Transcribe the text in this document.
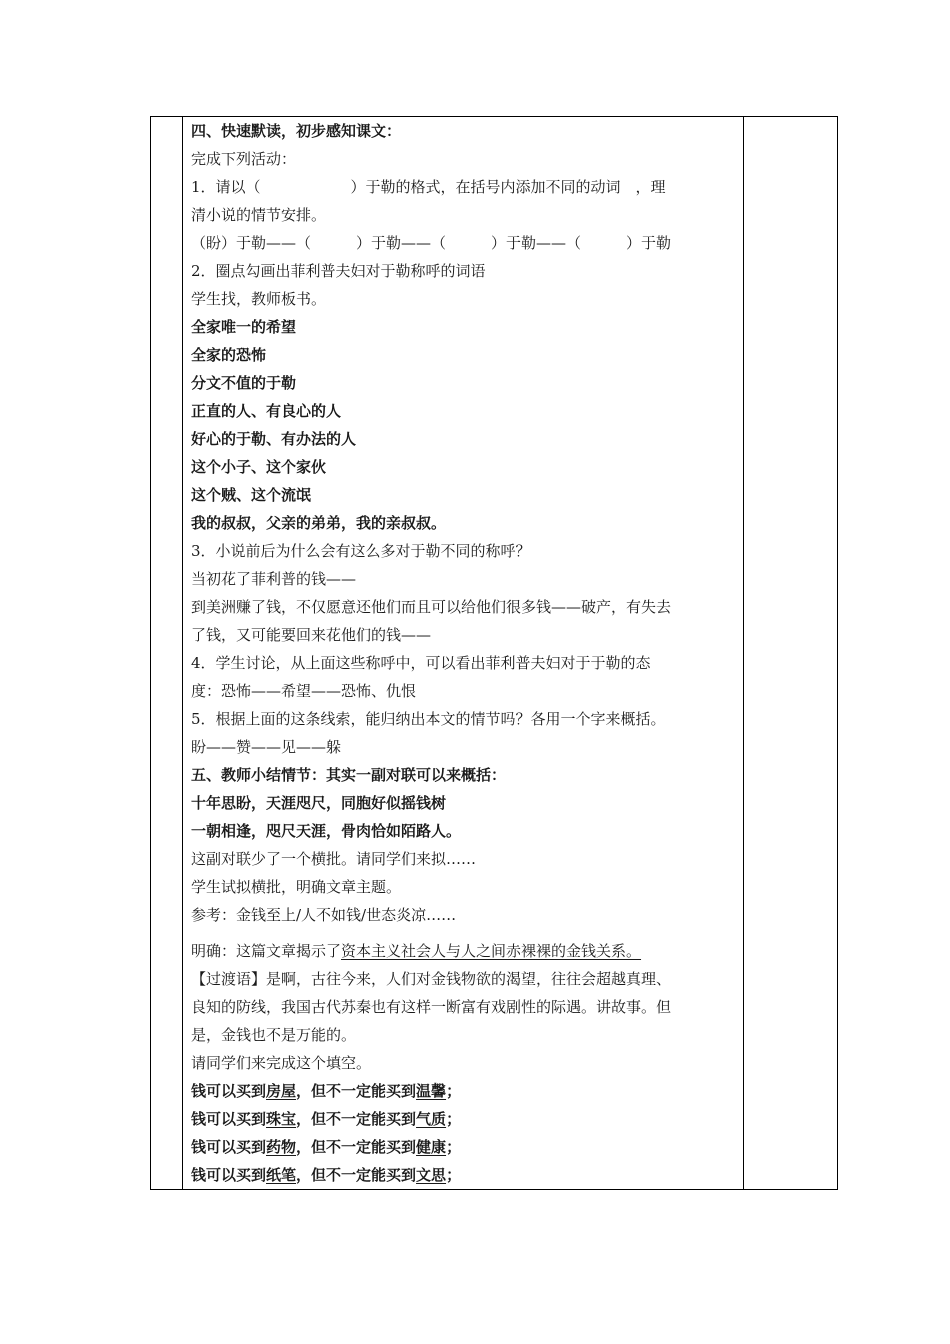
四、快速默读，初步感知课文：
完成下列活动：
1．请以（　　　　　　）于勒的格式，在括号内添加不同的动词　，理
清小说的情节安排。
（盼）于勒——（　　　）于勒——（　　　）于勒——（　　　）于勒
2．圈点勾画出菲利普夫妇对于勒称呼的词语
学生找，教师板书。
全家唯一的希望
全家的恐怖
分文不值的于勒
正直的人、有良心的人
好心的于勒、有办法的人
这个小子、这个家伙
这个贼、这个流氓
我的叔叔，父亲的弟弟，我的亲叔叔。
3．小说前后为什么会有这么多对于勒不同的称呼？
当初花了菲利普的钱——
到美洲赚了钱，不仅愿意还他们而且可以给他们很多钱——破产，有失去
了钱，又可能要回来花他们的钱——
4．学生讨论，从上面这些称呼中，可以看出菲利普夫妇对于于勒的态
度：恐怖——希望——恐怖、仇恨
5．根据上面的这条线索，能归纳出本文的情节吗？各用一个字来概括。
盼——赞——见——躲
五、教师小结情节：其实一副对联可以来概括：
十年思盼，天涯咫尺，同胞好似摇钱树
一朝相逢，咫尺天涯，骨肉恰如陌路人。
这副对联少了一个横批。请同学们来拟……
学生试拟横批，明确文章主题。
参考：金钱至上/人不如钱/世态炎凉……
明确：这篇文章揭示了资本主义社会人与人之间赤裸裸的金钱关系。
【过渡语】是啊，古往今来，人们对金钱物欲的渴望，往往会超越真理、
良知的防线，我国古代苏秦也有这样一断富有戏剧性的际遇。讲故事。但
是，金钱也不是万能的。
请同学们来完成这个填空。
钱可以买到房屋，但不一定能买到温馨；
钱可以买到珠宝，但不一定能买到气质；
钱可以买到药物，但不一定能买到健康；
钱可以买到纸笔，但不一定能买到文思；
